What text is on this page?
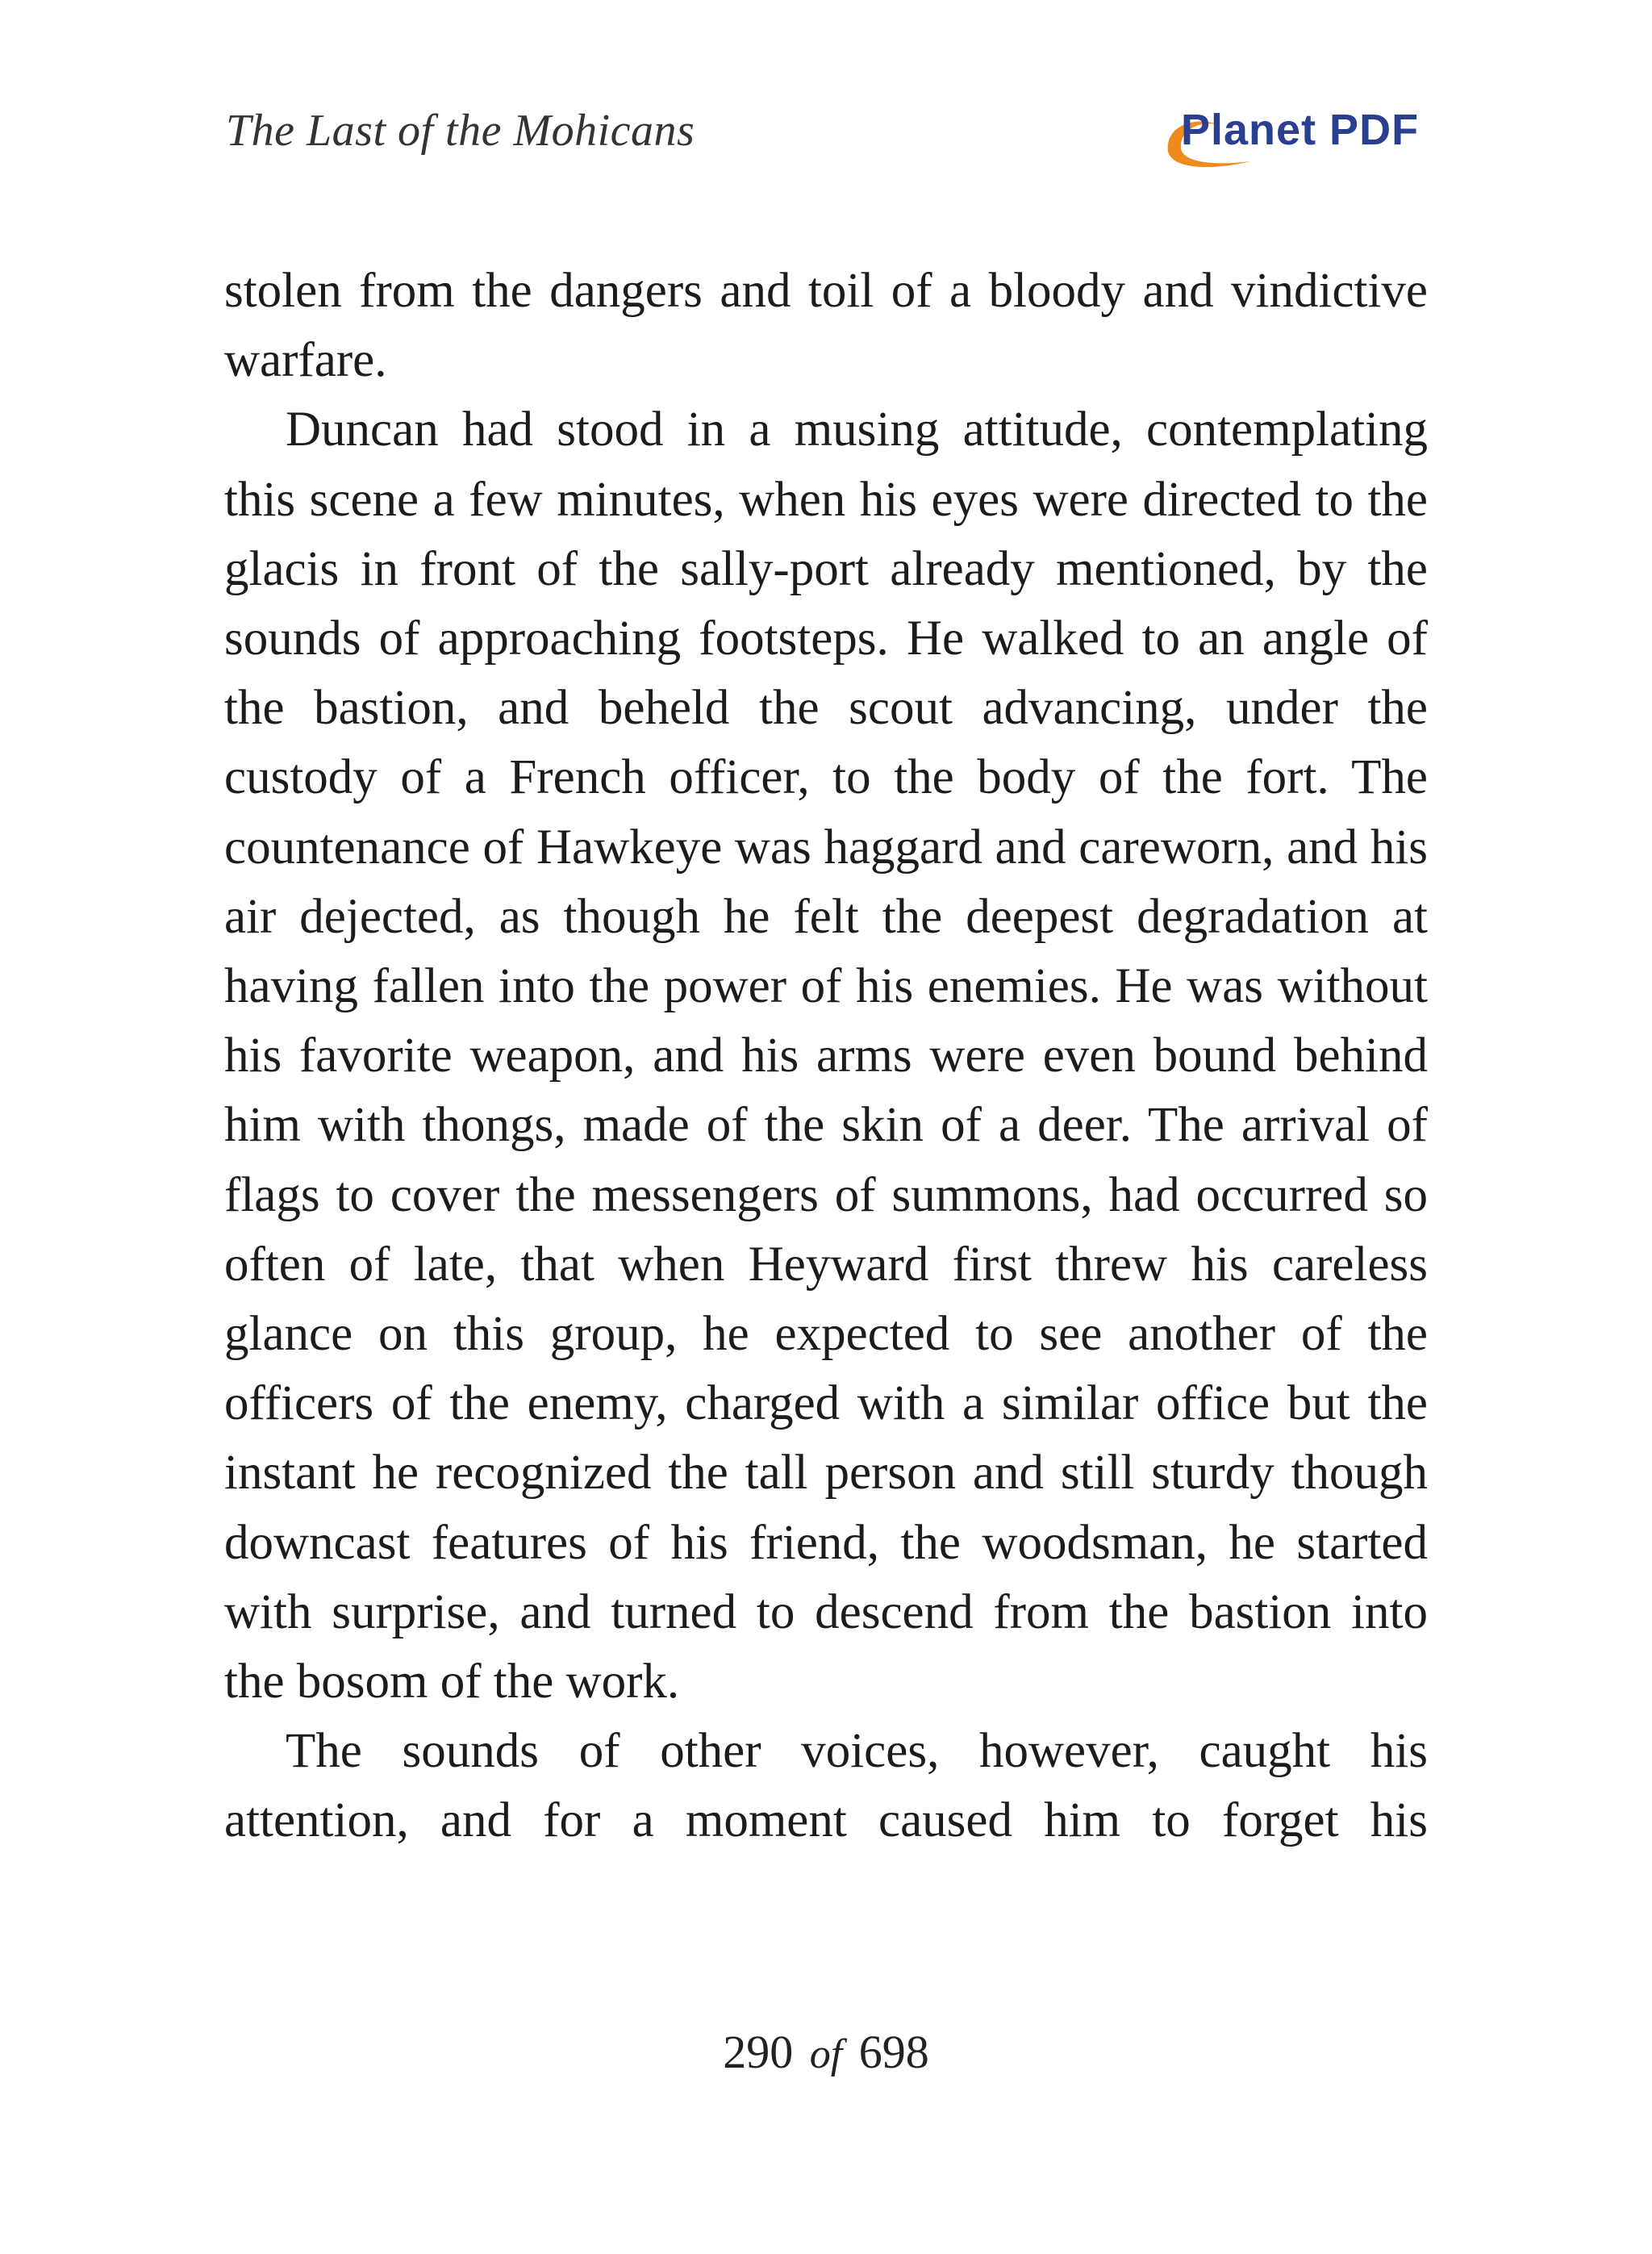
The Last of the Mohicans	Planet PDF

stolen from the dangers and toil of a bloody and vindictive warfare.

Duncan had stood in a musing attitude, contemplating this scene a few minutes, when his eyes were directed to the glacis in front of the sally-port already mentioned, by the sounds of approaching footsteps. He walked to an angle of the bastion, and beheld the scout advancing, under the custody of a French officer, to the body of the fort. The countenance of Hawkeye was haggard and careworn, and his air dejected, as though he felt the deepest degradation at having fallen into the power of his enemies. He was without his favorite weapon, and his arms were even bound behind him with thongs, made of the skin of a deer. The arrival of flags to cover the messengers of summons, had occurred so often of late, that when Heyward first threw his careless glance on this group, he expected to see another of the officers of the enemy, charged with a similar office but the instant he recognized the tall person and still sturdy though downcast features of his friend, the woodsman, he started with surprise, and turned to descend from the bastion into the bosom of the work.

The sounds of other voices, however, caught his attention, and for a moment caused him to forget his

290 of 698
